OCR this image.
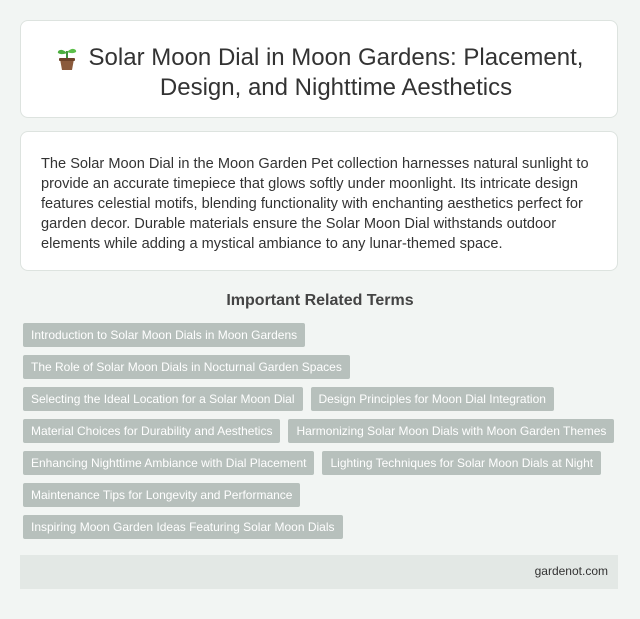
Solar Moon Dial in Moon Gardens: Placement, Design, and Nighttime Aesthetics

The Solar Moon Dial in the Moon Garden Pet collection harnesses natural sunlight to provide an accurate timepiece that glows softly under moonlight. Its intricate design features celestial motifs, blending functionality with enchanting aesthetics perfect for garden decor. Durable materials ensure the Solar Moon Dial withstands outdoor elements while adding a mystical ambiance to any lunar-themed space.

Important Related Terms
Introduction to Solar Moon Dials in Moon Gardens
The Role of Solar Moon Dials in Nocturnal Garden Spaces
Selecting the Ideal Location for a Solar Moon Dial	Design Principles for Moon Dial Integration
Material Choices for Durability and Aesthetics	Harmonizing Solar Moon Dials with Moon Garden Themes
Enhancing Nighttime Ambiance with Dial Placement	Lighting Techniques for Solar Moon Dials at Night
Maintenance Tips for Longevity and Performance
Inspiring Moon Garden Ideas Featuring Solar Moon Dials
gardenot.com
